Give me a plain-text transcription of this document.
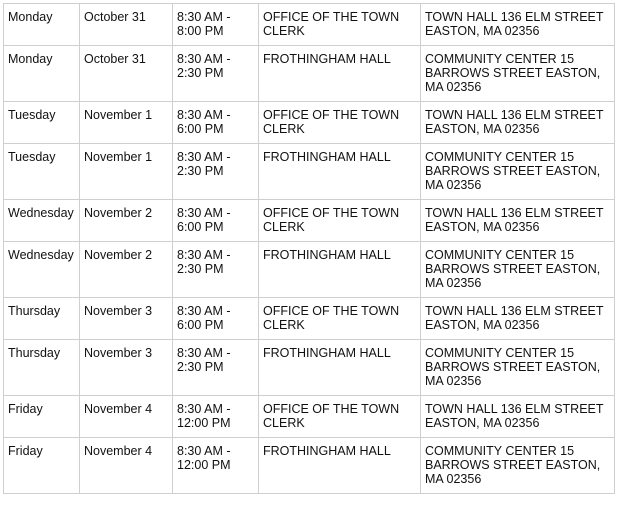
Monday	October 31	8:30 AM - 8:00 PM	OFFICE OF THE TOWN CLERK	TOWN HALL 136 ELM STREET EASTON, MA 02356
Monday	October 31	8:30 AM - 2:30 PM	FROTHINGHAM HALL	COMMUNITY CENTER 15 BARROWS STREET EASTON, MA 02356
Tuesday	November 1	8:30 AM - 6:00 PM	OFFICE OF THE TOWN CLERK	TOWN HALL 136 ELM STREET EASTON, MA 02356
Tuesday	November 1	8:30 AM - 2:30 PM	FROTHINGHAM HALL	COMMUNITY CENTER 15 BARROWS STREET EASTON, MA 02356
Wednesday	November 2	8:30 AM - 6:00 PM	OFFICE OF THE TOWN CLERK	TOWN HALL 136 ELM STREET EASTON, MA 02356
Wednesday	November 2	8:30 AM - 2:30 PM	FROTHINGHAM HALL	COMMUNITY CENTER 15 BARROWS STREET EASTON, MA 02356
Thursday	November 3	8:30 AM - 6:00 PM	OFFICE OF THE TOWN CLERK	TOWN HALL 136 ELM STREET EASTON, MA 02356
Thursday	November 3	8:30 AM - 2:30 PM	FROTHINGHAM HALL	COMMUNITY CENTER 15 BARROWS STREET EASTON, MA 02356
Friday	November 4	8:30 AM - 12:00 PM	OFFICE OF THE TOWN CLERK	TOWN HALL 136 ELM STREET EASTON, MA 02356
Friday	November 4	8:30 AM - 12:00 PM	FROTHINGHAM HALL	COMMUNITY CENTER 15 BARROWS STREET EASTON, MA 02356
